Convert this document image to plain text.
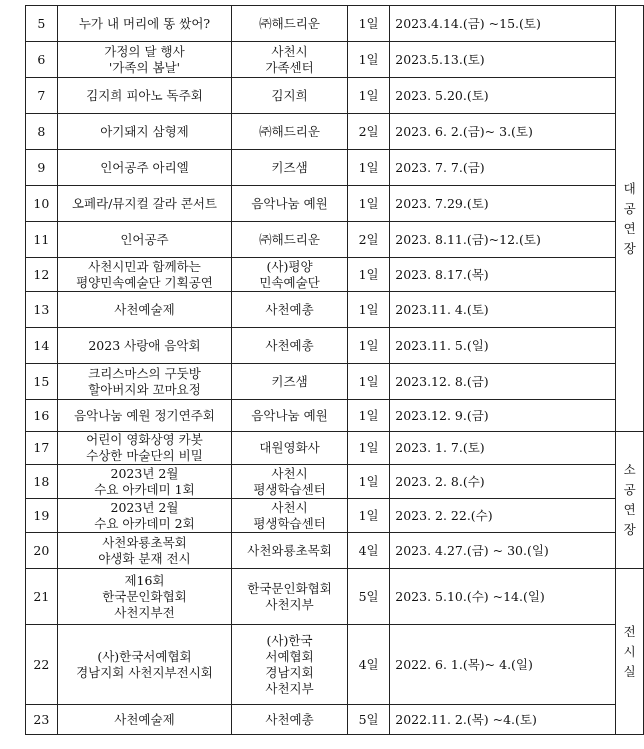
5	누가 내 머리에 똥 쌌어?	㈜해드리운	1일	2023.4.14.(금) ~15.(토)	대
공
연
장
6	가정의 달 행사
'가족의 봄날'	사천시
가족센터	1일	2023.5.13.(토)	
7	김지희 피아노 독주회	김지희	1일	2023. 5.20.(토)	
8	아기돼지 삼형제	㈜해드리운	2일	2023. 6. 2.(금)~ 3.(토)	
9	인어공주 아리엘	키즈샘	1일	2023. 7. 7.(금)	
10	오페라/뮤지컬 갈라 콘서트	음악나눔 예원	1일	2023. 7.29.(토)	
11	인어공주	㈜해드리운	2일	2023. 8.11.(금)~12.(토)	
12	사천시민과 함께하는
평양민속예술단 기획공연	(사)평양
민속예술단	1일	2023. 8.17.(목)	
13	사천예술제	사천예총	1일	2023.11. 4.(토)	
14	2023 사랑애 음악회	사천예총	1일	2023.11. 5.(일)	
15	크리스마스의 구둣방
할아버지와 꼬마요정	키즈샘	1일	2023.12. 8.(금)	
16	음악나눔 예원 정기연주회	음악나눔 예원	1일	2023.12. 9.(금)	
17	어린이 영화상영 카봇
수상한 마술단의 비밀	대원영화사	1일	2023. 1. 7.(토)	소
공
연
장
18	2023년 2월
수요 아카데미 1회	사천시
평생학습센터	1일	2023. 2. 8.(수)	
19	2023년 2월
수요 아카데미 2회	사천시
평생학습센터	1일	2023. 2. 22.(수)	
20	사천와룡초목회
야생화 분재 전시	사천와룡초목회	4일	2023. 4.27.(금) ~ 30.(일)	
21	제16회
한국문인화협회
사천지부전	한국문인화협회
사천지부	5일	2023. 5.10.(수) ~14.(일)	전
시
실
22	(사)한국서예협회
경남지회 사천지부전시회	(사)한국
서예협회
경남지회
사천지부	4일	2022. 6. 1.(목)~ 4.(일)	
23	사천예술제	사천예총	5일	2022.11. 2.(목) ~4.(토)	
